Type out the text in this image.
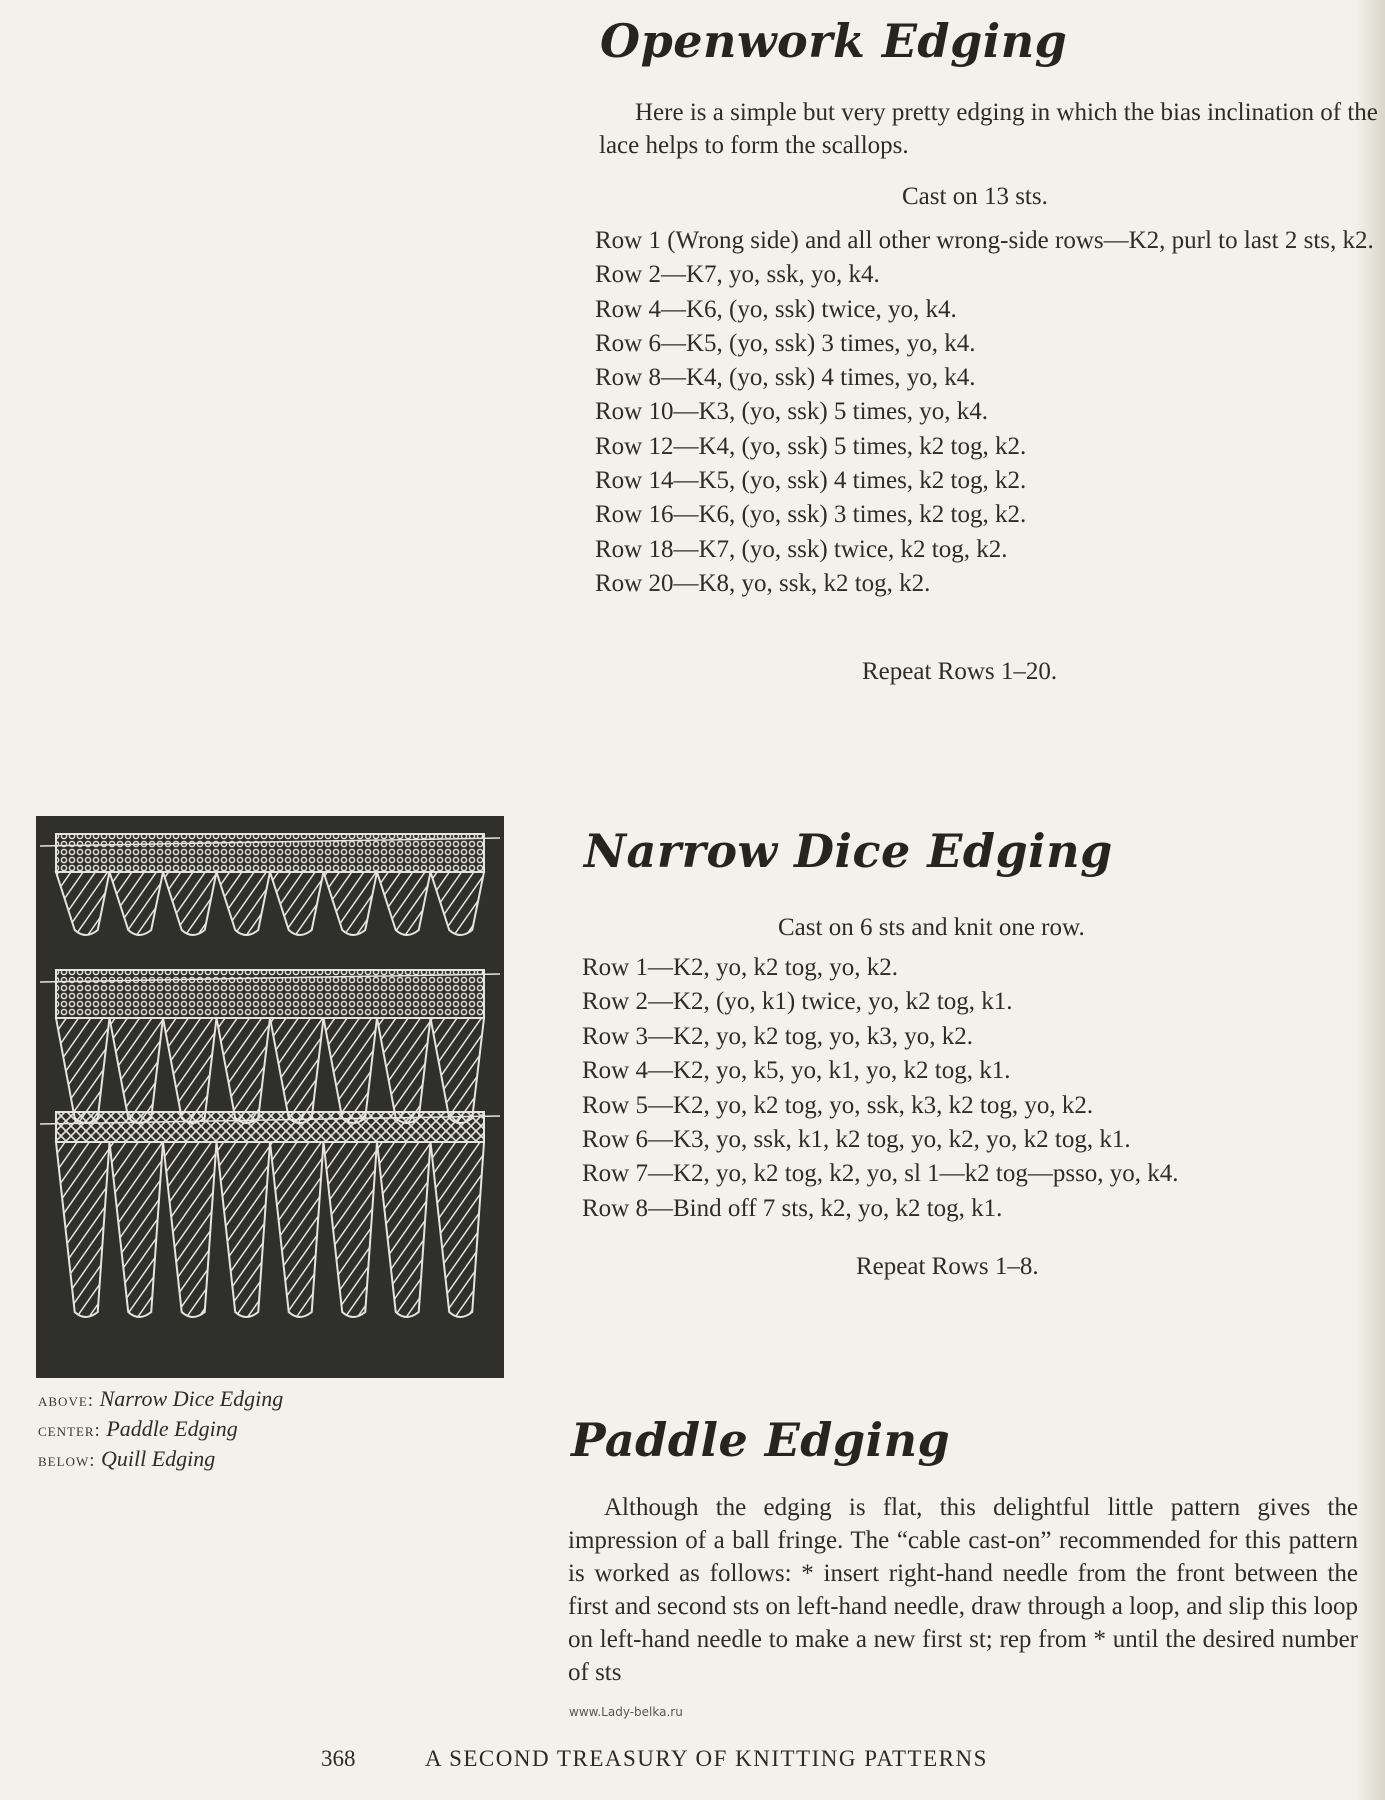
Openwork Edging

Here is a simple but very pretty edging in which the bias inclination of the lace helps to form the scallops.

Cast on 13 sts.

Row 1 (Wrong side) and all other wrong-side rows—K2, purl to last 2 sts, k2.
Row 2—K7, yo, ssk, yo, k4.
Row 4—K6, (yo, ssk) twice, yo, k4.
Row 6—K5, (yo, ssk) 3 times, yo, k4.
Row 8—K4, (yo, ssk) 4 times, yo, k4.
Row 10—K3, (yo, ssk) 5 times, yo, k4.
Row 12—K4, (yo, ssk) 5 times, k2 tog, k2.
Row 14—K5, (yo, ssk) 4 times, k2 tog, k2.
Row 16—K6, (yo, ssk) 3 times, k2 tog, k2.
Row 18—K7, (yo, ssk) twice, k2 tog, k2.
Row 20—K8, yo, ssk, k2 tog, k2.

Repeat Rows 1–20.

above: Narrow Dice Edging
center: Paddle Edging
below: Quill Edging
Narrow Dice Edging

Cast on 6 sts and knit one row.

Row 1—K2, yo, k2 tog, yo, k2.
Row 2—K2, (yo, k1) twice, yo, k2 tog, k1.
Row 3—K2, yo, k2 tog, yo, k3, yo, k2.
Row 4—K2, yo, k5, yo, k1, yo, k2 tog, k1.
Row 5—K2, yo, k2 tog, yo, ssk, k3, k2 tog, yo, k2.
Row 6—K3, yo, ssk, k1, k2 tog, yo, k2, yo, k2 tog, k1.
Row 7—K2, yo, k2 tog, k2, yo, sl 1—k2 tog—psso, yo, k4.
Row 8—Bind off 7 sts, k2, yo, k2 tog, k1.

Repeat Rows 1–8.

Paddle Edging

Although the edging is flat, this delightful little pattern gives the impression of a ball fringe. The “cable cast-on” recommended for this pattern is worked as follows: * insert right-hand needle from the front between the first and second sts on left-hand needle, draw through a loop, and slip this loop on left-hand needle to make a new first st; rep from * until the desired number of sts

www.Lady-belka.ru

368	A SECOND TREASURY OF KNITTING PATTERNS
